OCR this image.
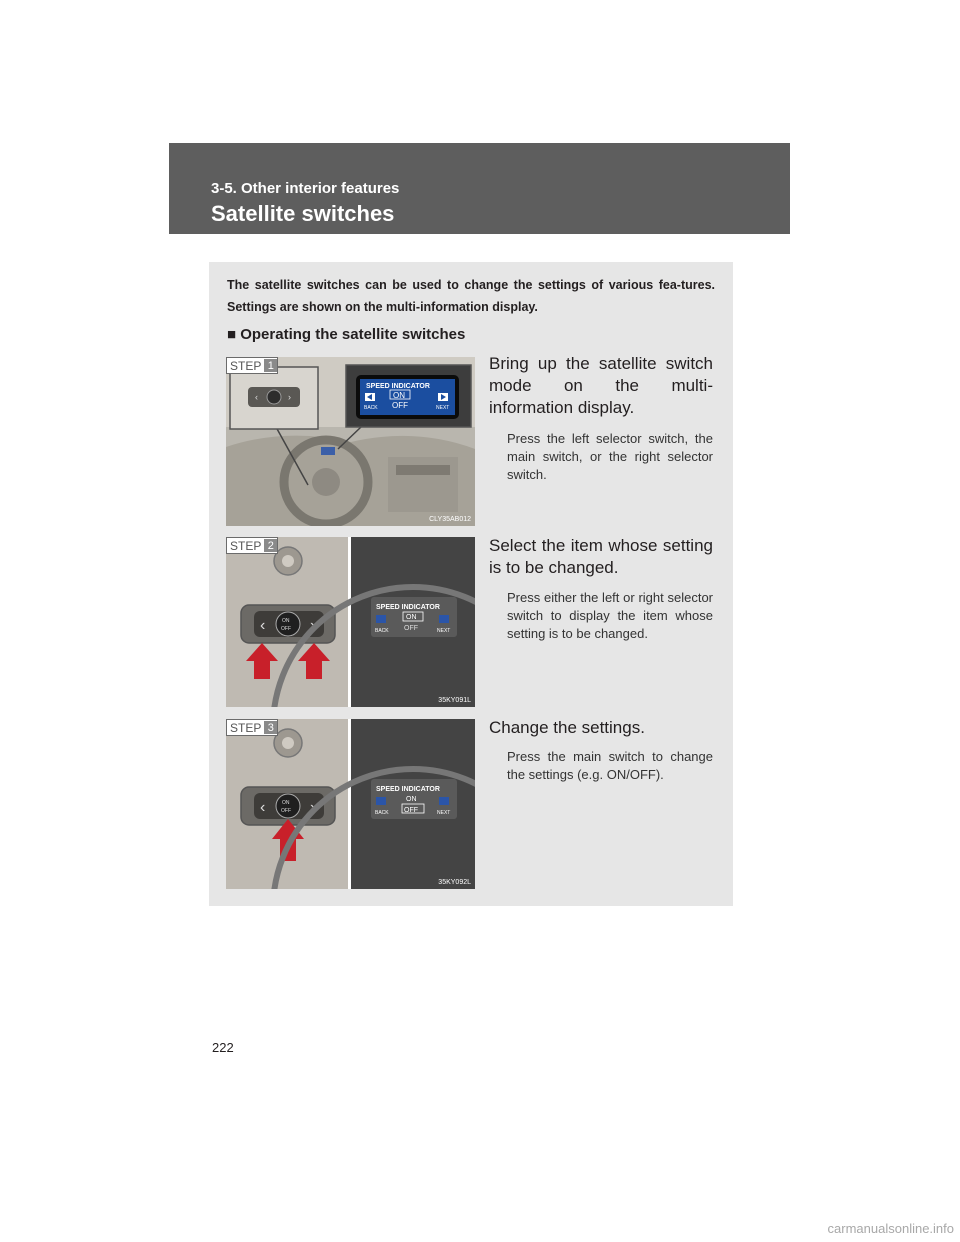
3-5. Other interior features
Satellite switches
The satellite switches can be used to change the settings of various fea-tures. Settings are shown on the multi-information display.
■ Operating the satellite switches
‹	›
SPEED INDICATOR
ON
OFF
BACK	NEXT
STEP 1
CLY35AB012
Bring up the satellite switch mode on the multi-information display.
Press the left selector switch, the main switch, or the right selector switch.
ON
OFF
‹	›
SPEED INDICATOR
ON
OFF
BACK	NEXT
STEP 2
35KY091L
Select the item whose setting is to be changed.
Press either the left or right selector switch to display the item whose setting is to be changed.
ON
OFF
‹	›
SPEED INDICATOR
ON
OFF
BACK	NEXT
STEP 3
35KY092L
Change the settings.
Press the main switch to change the settings (e.g. ON/OFF).
222
carmanualsonline.info
